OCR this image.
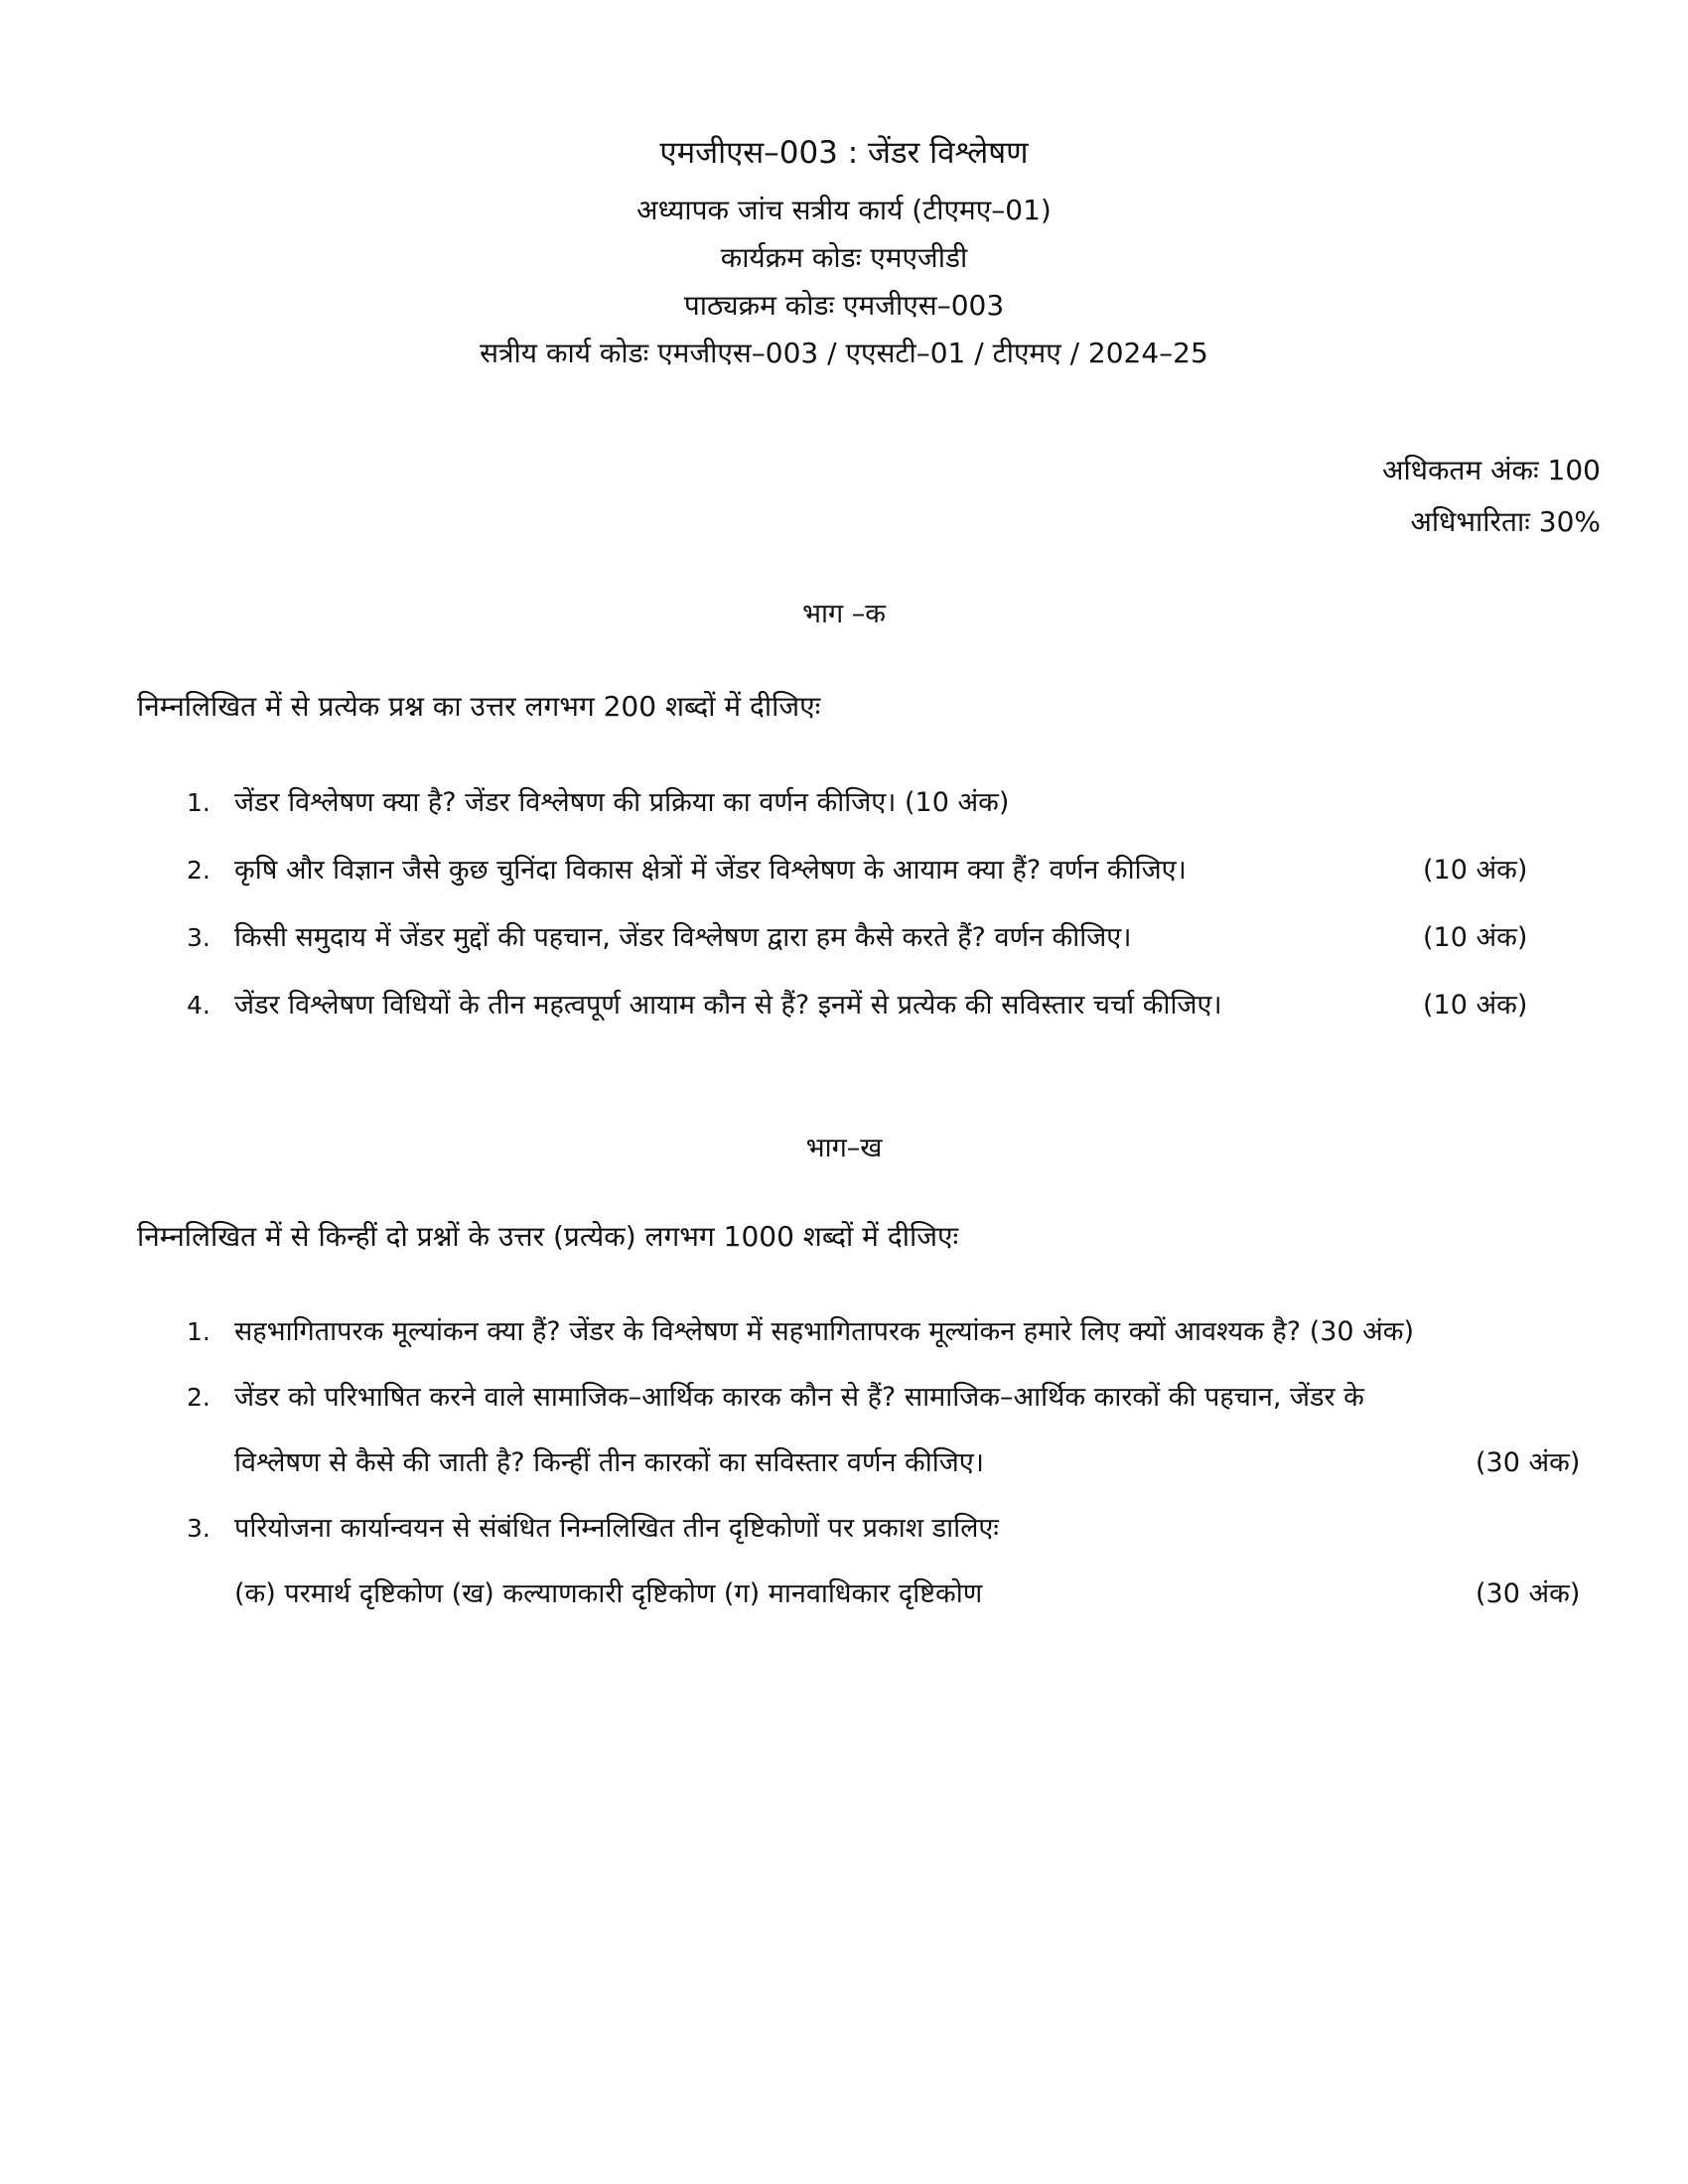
एमजीएस–003 : जेंडर विश्लेषण
अध्यापक जांच सत्रीय कार्य (टीएमए–01)
कार्यक्रम कोडः एमएजीडी
पाठ्यक्रम कोडः एमजीएस–003
सत्रीय कार्य कोडः एमजीएस–003 / एएसटी–01 / टीएमए / 2024–25
अधिकतम अंकः 100
अधिभारिताः 30%
भाग –क
निम्नलिखित में से प्रत्येक प्रश्न का उत्तर लगभग 200 शब्दों में दीजिएः
1. जेंडर विश्लेषण क्या है? जेंडर विश्लेषण की प्रक्रिया का वर्णन कीजिए। (10 अंक)
2. कृषि और विज्ञान जैसे कुछ चुनिंदा विकास क्षेत्रों में जेंडर विश्लेषण के आयाम क्या हैं? वर्णन कीजिए।	(10 अंक)
3. किसी समुदाय में जेंडर मुद्दों की पहचान, जेंडर विश्लेषण द्वारा हम कैसे करते हैं? वर्णन कीजिए।	(10 अंक)
4. जेंडर विश्लेषण विधियों के तीन महत्वपूर्ण आयाम कौन से हैं? इनमें से प्रत्येक की सविस्तार चर्चा कीजिए।	(10 अंक)
भाग–ख
निम्नलिखित में से किन्हीं दो प्रश्नों के उत्तर (प्रत्येक) लगभग 1000 शब्दों में दीजिएः
1. सहभागितापरक मूल्यांकन क्या हैं? जेंडर के विश्लेषण में सहभागितापरक मूल्यांकन हमारे लिए क्यों आवश्यक है? (30 अंक)
2. जेंडर को परिभाषित करने वाले सामाजिक–आर्थिक कारक कौन से हैं? सामाजिक–आर्थिक कारकों की पहचान, जेंडर के
विश्लेषण से कैसे की जाती है? किन्हीं तीन कारकों का सविस्तार वर्णन कीजिए।	(30 अंक)
3. परियोजना कार्यान्वयन से संबंधित निम्नलिखित तीन दृष्टिकोणों पर प्रकाश डालिएः
(क) परमार्थ दृष्टिकोण (ख) कल्याणकारी दृष्टिकोण (ग) मानवाधिकार दृष्टिकोण	(30 अंक)
